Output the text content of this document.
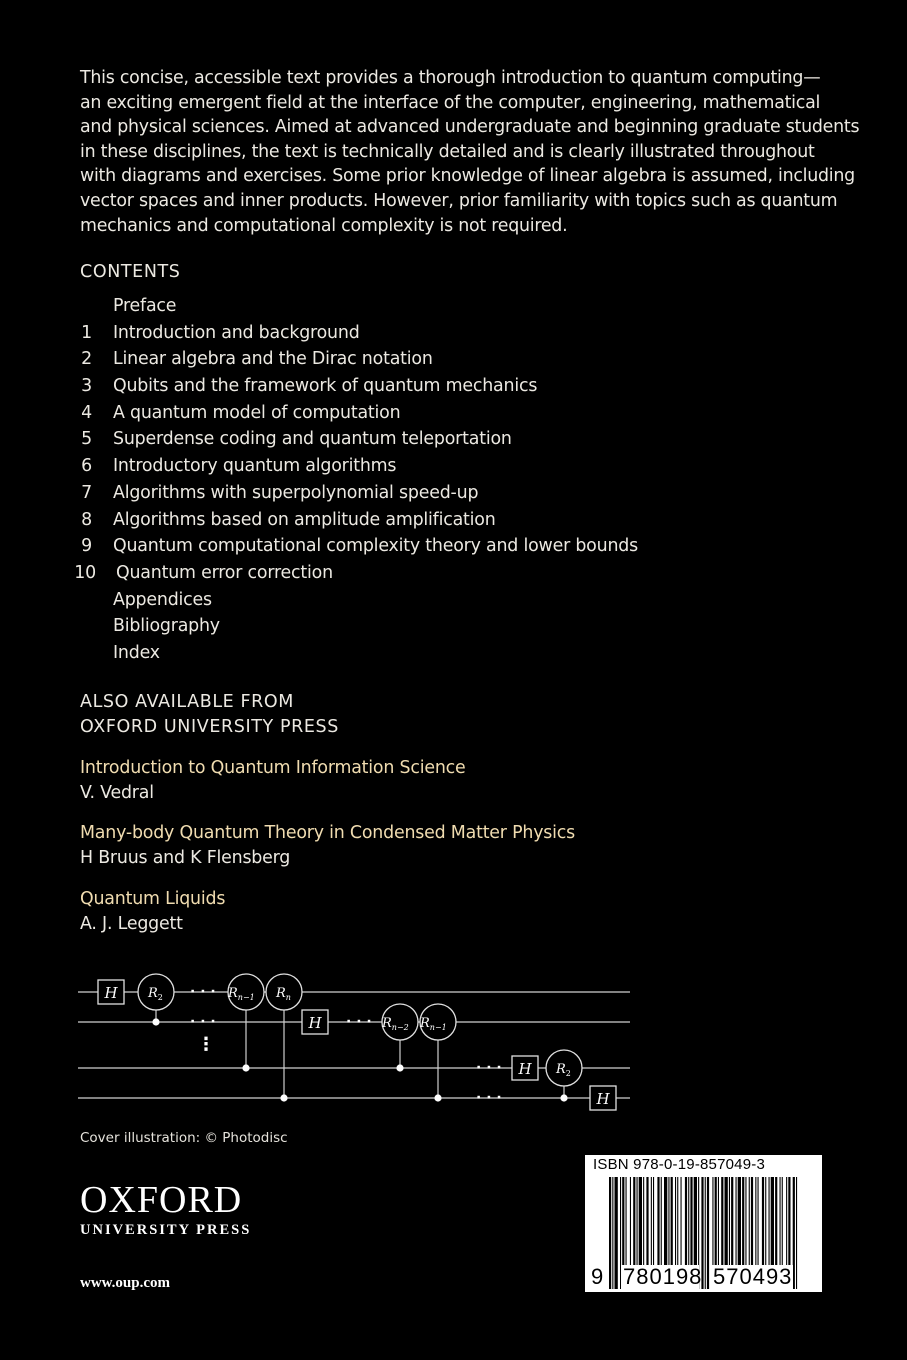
This concise, accessible text provides a thorough introduction to quantum computing—
an exciting emergent field at the interface of the computer, engineering, mathematical
and physical sciences. Aimed at advanced undergraduate and beginning graduate students
in these disciplines, the text is technically detailed and is clearly illustrated throughout
with diagrams and exercises. Some prior knowledge of linear algebra is assumed, including
vector spaces and inner products. However, prior familiarity with topics such as quantum
mechanics and computational complexity is not required.
CONTENTS
Preface
1 Introduction and background
2 Linear algebra and the Dirac notation
3 Qubits and the framework of quantum mechanics
4 A quantum model of computation
5 Superdense coding and quantum teleportation
6 Introductory quantum algorithms
7 Algorithms with superpolynomial speed-up
8 Algorithms based on amplitude amplification
9 Quantum computational complexity theory and lower bounds
10 Quantum error correction
Appendices
Bibliography
Index
ALSO AVAILABLE FROM
OXFORD UNIVERSITY PRESS
Introduction to Quantum Information Science
V. Vedral
Many-body Quantum Theory in Condensed Matter Physics
H Bruus and K Flensberg
Quantum Liquids
A. J. Leggett
H
H
H
H
$R_2$	$R_{n-1}$ $R_n$
$R_{n-2}$ $R_{n-1}$
$R_2$
· · ·
· · ·
⋮
· · ·
· · ·
· · ·
Cover illustration: © Photodisc
OXFORD
UNIVERSITY PRESS
www.oup.com
ISBN 978-0-19-857049-3
9 780198 570493
